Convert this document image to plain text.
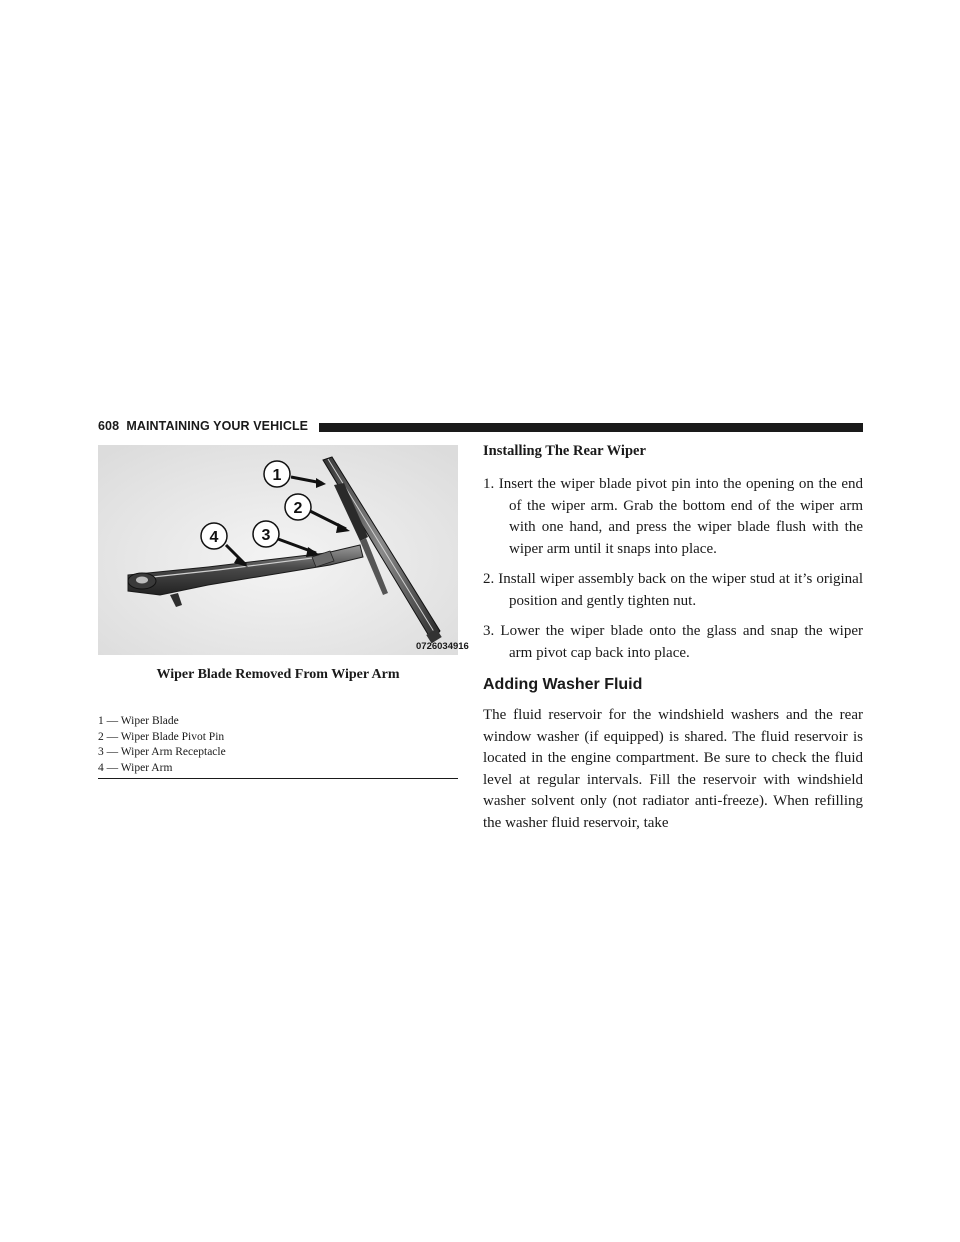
608 MAINTAINING YOUR VEHICLE
1
2
3
4
0726034916
Wiper Blade Removed From Wiper Arm
1 — Wiper Blade
2 — Wiper Blade Pivot Pin
3 — Wiper Arm Receptacle
4 — Wiper Arm
Installing The Rear Wiper

1. Insert the wiper blade pivot pin into the opening on the end of the wiper arm. Grab the bottom end of the wiper arm with one hand, and press the wiper blade flush with the wiper arm until it snaps into place.

2. Install wiper assembly back on the wiper stud at it’s original position and gently tighten nut.

3. Lower the wiper blade onto the glass and snap the wiper arm pivot cap back into place.

Adding Washer Fluid

The fluid reservoir for the windshield washers and the rear window washer (if equipped) is shared. The fluid reservoir is located in the engine compartment. Be sure to check the fluid level at regular intervals. Fill the reservoir with windshield washer solvent only (not radiator anti-freeze). When refilling the washer fluid reservoir, take
